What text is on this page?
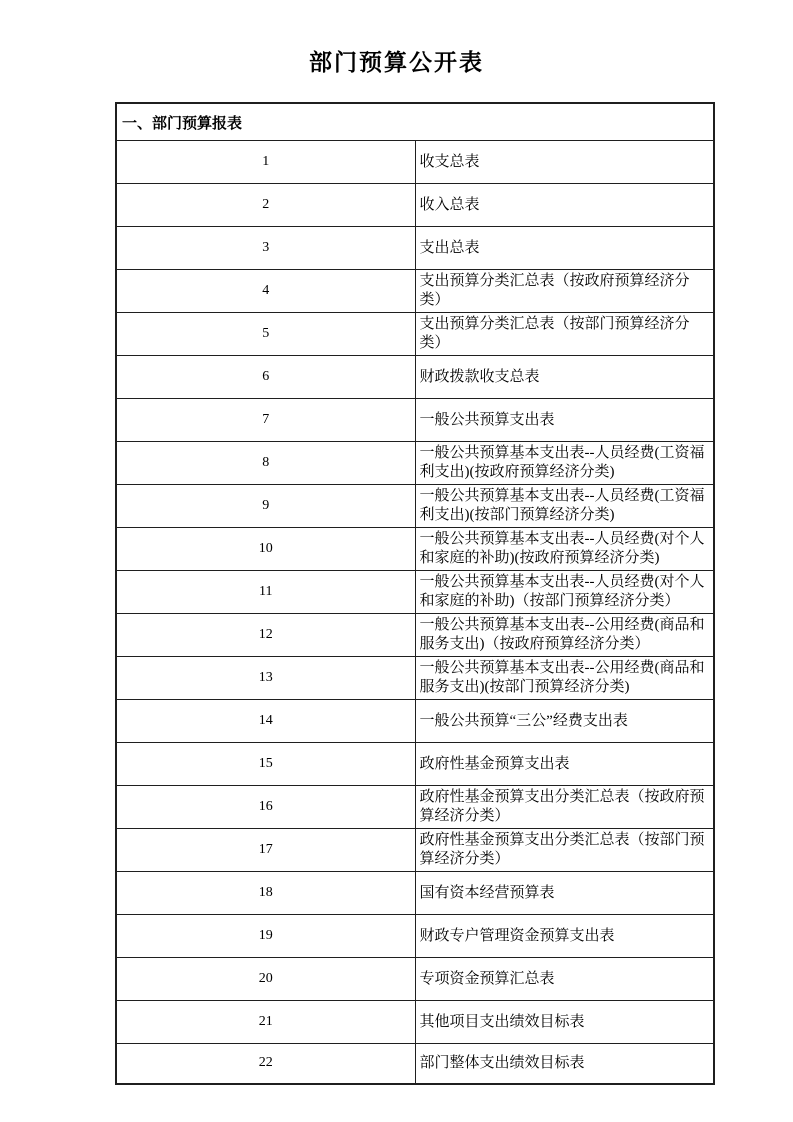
部门预算公开表
一、部门预算报表	
1	收支总表
2	收入总表
3	支出总表
4	支出预算分类汇总表（按政府预算经济分类）
5	支出预算分类汇总表（按部门预算经济分类）
6	财政拨款收支总表
7	一般公共预算支出表
8	一般公共预算基本支出表--人员经费(工资福利支出)(按政府预算经济分类)
9	一般公共预算基本支出表--人员经费(工资福利支出)(按部门预算经济分类)
10	一般公共预算基本支出表--人员经费(对个人和家庭的补助)(按政府预算经济分类)
11	一般公共预算基本支出表--人员经费(对个人和家庭的补助)（按部门预算经济分类）
12	一般公共预算基本支出表--公用经费(商品和服务支出)（按政府预算经济分类）
13	一般公共预算基本支出表--公用经费(商品和服务支出)(按部门预算经济分类)
14	一般公共预算“三公”经费支出表
15	政府性基金预算支出表
16	政府性基金预算支出分类汇总表（按政府预算经济分类）
17	政府性基金预算支出分类汇总表（按部门预算经济分类）
18	国有资本经营预算表
19	财政专户管理资金预算支出表
20	专项资金预算汇总表
21	其他项目支出绩效目标表
22	部门整体支出绩效目标表
